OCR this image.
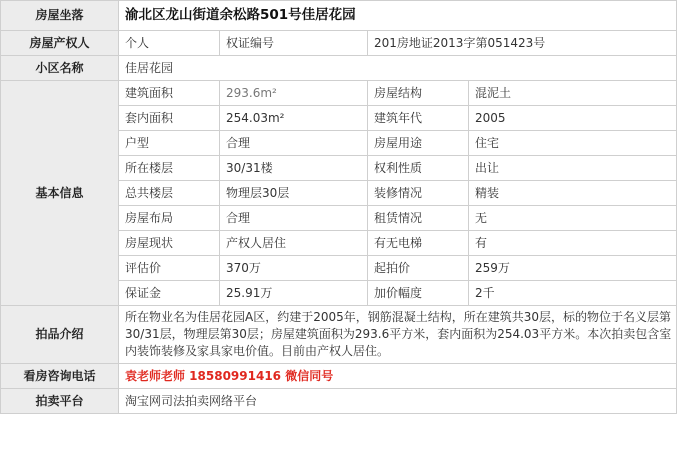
房屋坐落	渝北区龙山街道余松路501号佳居花园			
房屋产权人	个人	权证编号	201房地证2013字第051423号	
小区名称	佳居花园			
基本信息	建筑面积	293.6m²	房屋结构	混泥土
	套内面积	254.03m²	建筑年代	2005
	户型	合理	房屋用途	住宅
	所在楼层	30/31楼	权利性质	出让
	总共楼层	物理层30层	装修情况	精装
	房屋布局	合理	租赁情况	无
	房屋现状	产权人居住	有无电梯	有
	评估价	370万	起拍价	259万
	保证金	25.91万	加价幅度	2千
拍品介绍	所在物业名为佳居花园A区，约建于2005年，钢筋混凝土结构，所在建筑共30层，标的物位于名义层第30/31层，物理层第30层；房屋建筑面积为293.6平方米，套内面积为254.03平方米。本次拍卖包含室内装饰装修及家具家电价值。目前由产权人居住。			
看房咨询电话	袁老师老师 18580991416 微信同号			
拍卖平台	淘宝网司法拍卖网络平台			
